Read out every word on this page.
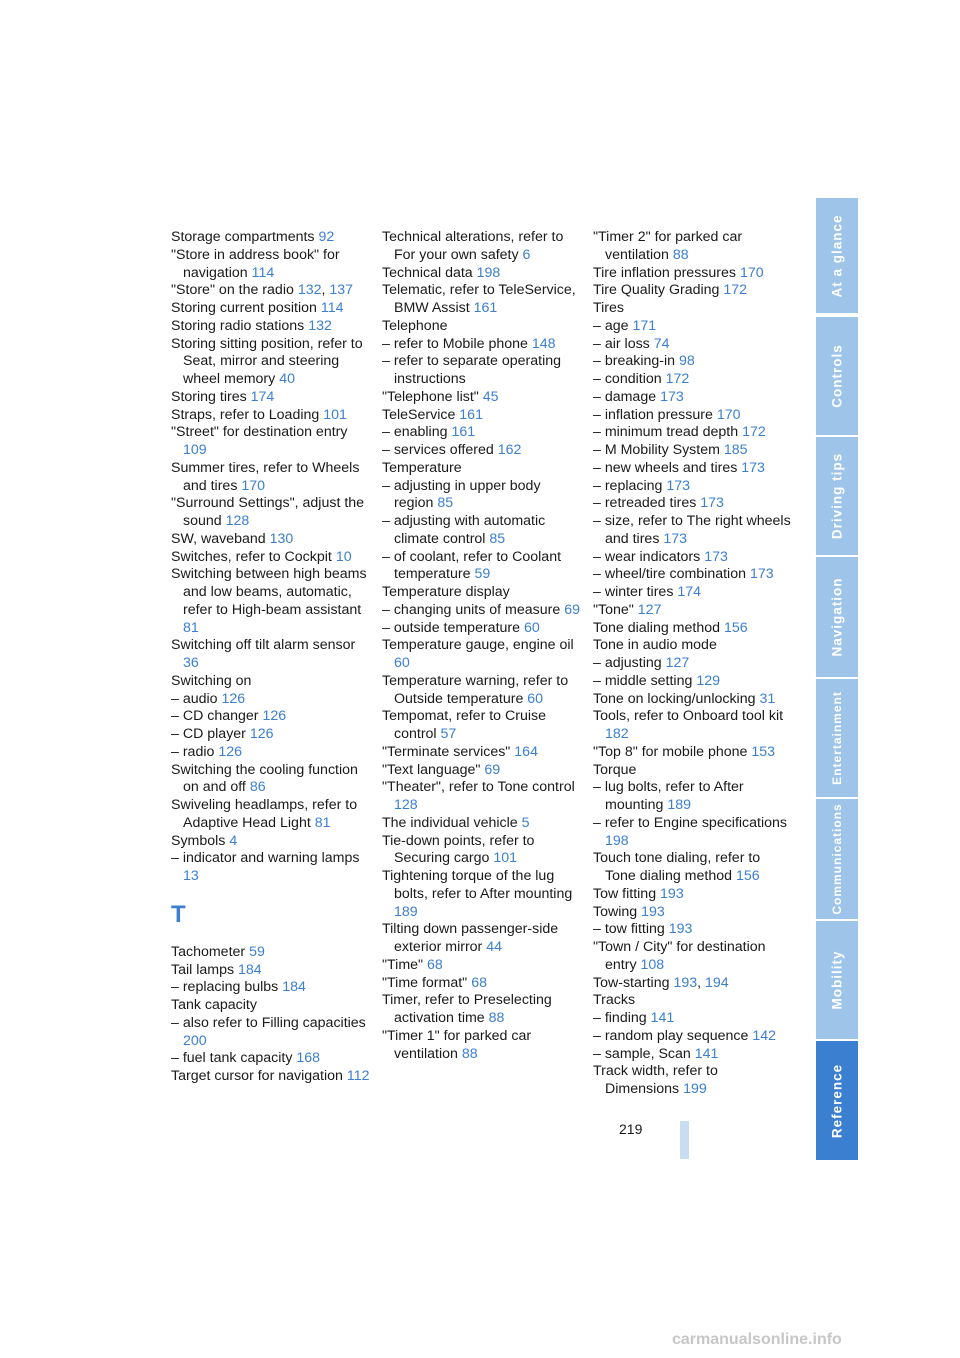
Storage compartments 92
"Store in address book" for navigation 114
"Store" on the radio 132, 137
Storing current position 114
Storing radio stations 132
Storing sitting position, refer to Seat, mirror and steering wheel memory 40
Storing tires 174
Straps, refer to Loading 101
"Street" for destination entry 109
Summer tires, refer to Wheels and tires 170
"Surround Settings", adjust the sound 128
SW, waveband 130
Switches, refer to Cockpit 10
Switching between high beams and low beams, automatic, refer to High-beam assistant 81
Switching off tilt alarm sensor 36
Switching on
– audio 126
– CD changer 126
– CD player 126
– radio 126
Switching the cooling function on and off 86
Swiveling headlamps, refer to Adaptive Head Light 81
Symbols 4
– indicator and warning lamps 13
T
Tachometer 59
Tail lamps 184
– replacing bulbs 184
Tank capacity
– also refer to Filling capacities 200
– fuel tank capacity 168
Target cursor for navigation 112
Technical alterations, refer to For your own safety 6
Technical data 198
Telematic, refer to TeleService, BMW Assist 161
Telephone
– refer to Mobile phone 148
– refer to separate operating instructions
"Telephone list" 45
TeleService 161
– enabling 161
– services offered 162
Temperature
– adjusting in upper body region 85
– adjusting with automatic climate control 85
– of coolant, refer to Coolant temperature 59
Temperature display
– changing units of measure 69
– outside temperature 60
Temperature gauge, engine oil 60
Temperature warning, refer to Outside temperature 60
Tempomat, refer to Cruise control 57
"Terminate services" 164
"Text language" 69
"Theater", refer to Tone control 128
The individual vehicle 5
Tie-down points, refer to Securing cargo 101
Tightening torque of the lug bolts, refer to After mounting 189
Tilting down passenger-side exterior mirror 44
"Time" 68
"Time format" 68
Timer, refer to Preselecting activation time 88
"Timer 1" for parked car ventilation 88
"Timer 2" for parked car ventilation 88
Tire inflation pressures 170
Tire Quality Grading 172
Tires
– age 171
– air loss 74
– breaking-in 98
– condition 172
– damage 173
– inflation pressure 170
– minimum tread depth 172
– M Mobility System 185
– new wheels and tires 173
– replacing 173
– retreaded tires 173
– size, refer to The right wheels and tires 173
– wear indicators 173
– wheel/tire combination 173
– winter tires 174
"Tone" 127
Tone dialing method 156
Tone in audio mode
– adjusting 127
– middle setting 129
Tone on locking/unlocking 31
Tools, refer to Onboard tool kit 182
"Top 8" for mobile phone 153
Torque
– lug bolts, refer to After mounting 189
– refer to Engine specifications 198
Touch tone dialing, refer to Tone dialing method 156
Tow fitting 193
Towing 193
– tow fitting 193
"Town / City" for destination entry 108
Tow-starting 193, 194
Tracks
– finding 141
– random play sequence 142
– sample, Scan 141
Track width, refer to Dimensions 199
At a glance
Controls
Driving tips
Navigation
Entertainment
Communications
Mobility
Reference
219
carmanualsonline.info
